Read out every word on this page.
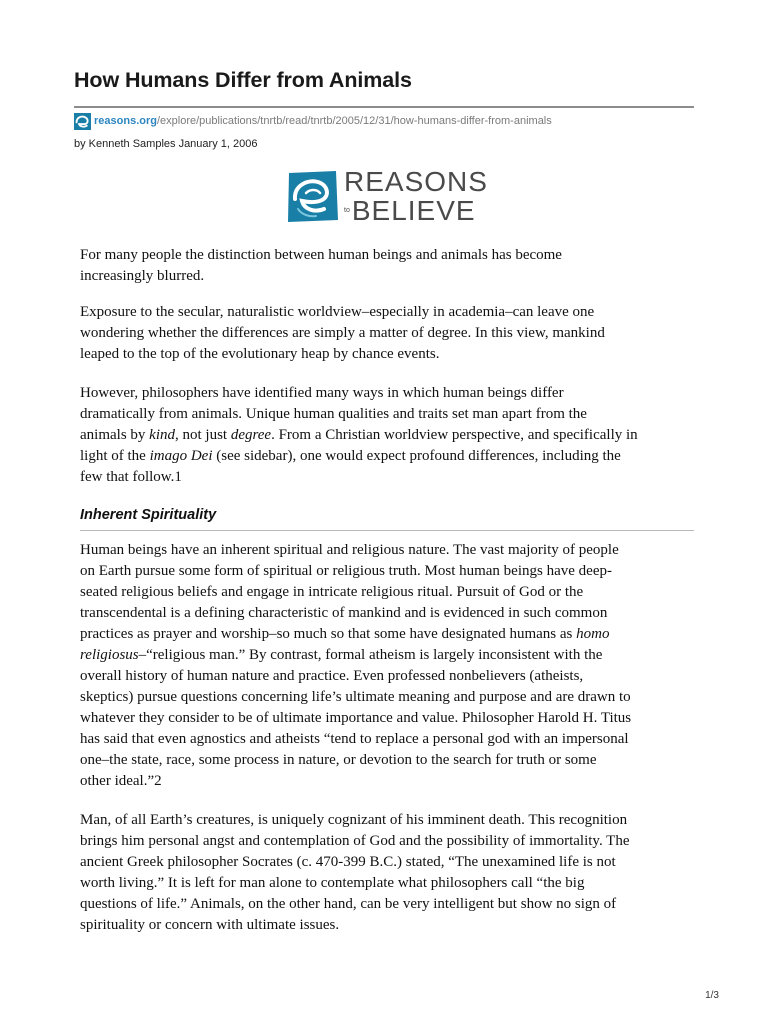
How Humans Differ from Animals
reasons.org /explore/publications/tnrtb/read/tnrtb/2005/12/31/how-humans-differ-from-animals
by Kenneth Samples January 1, 2006
REASONS
to BELIEVE

For many people the distinction between human beings and animals has become

increasingly blurred.

Exposure to the secular, naturalistic worldview–especially in academia–can leave one

wondering whether the differences are simply a matter of degree. In this view, mankind

leaped to the top of the evolutionary heap by chance events.

However, philosophers have identified many ways in which human beings differ

dramatically from animals. Unique human qualities and traits set man apart from the

animals by kind, not just degree. From a Christian worldview perspective, and specifically in

light of the imago Dei (see sidebar), one would expect profound differences, including the

few that follow.1

Inherent Spirituality

Human beings have an inherent spiritual and religious nature. The vast majority of people

on Earth pursue some form of spiritual or religious truth. Most human beings have deep-

seated religious beliefs and engage in intricate religious ritual. Pursuit of God or the

transcendental is a defining characteristic of mankind and is evidenced in such common

practices as prayer and worship–so much so that some have designated humans as homo

religiosus–“religious man.” By contrast, formal atheism is largely inconsistent with the

overall history of human nature and practice. Even professed nonbelievers (atheists,

skeptics) pursue questions concerning life’s ultimate meaning and purpose and are drawn to

whatever they consider to be of ultimate importance and value. Philosopher Harold H. Titus

has said that even agnostics and atheists “tend to replace a personal god with an impersonal

one–the state, race, some process in nature, or devotion to the search for truth or some

other ideal.”2

Man, of all Earth’s creatures, is uniquely cognizant of his imminent death. This recognition

brings him personal angst and contemplation of God and the possibility of immortality. The

ancient Greek philosopher Socrates (c. 470-399 B.C.) stated, “The unexamined life is not

worth living.” It is left for man alone to contemplate what philosophers call “the big

questions of life.” Animals, on the other hand, can be very intelligent but show no sign of

spirituality or concern with ultimate issues.

1/3
